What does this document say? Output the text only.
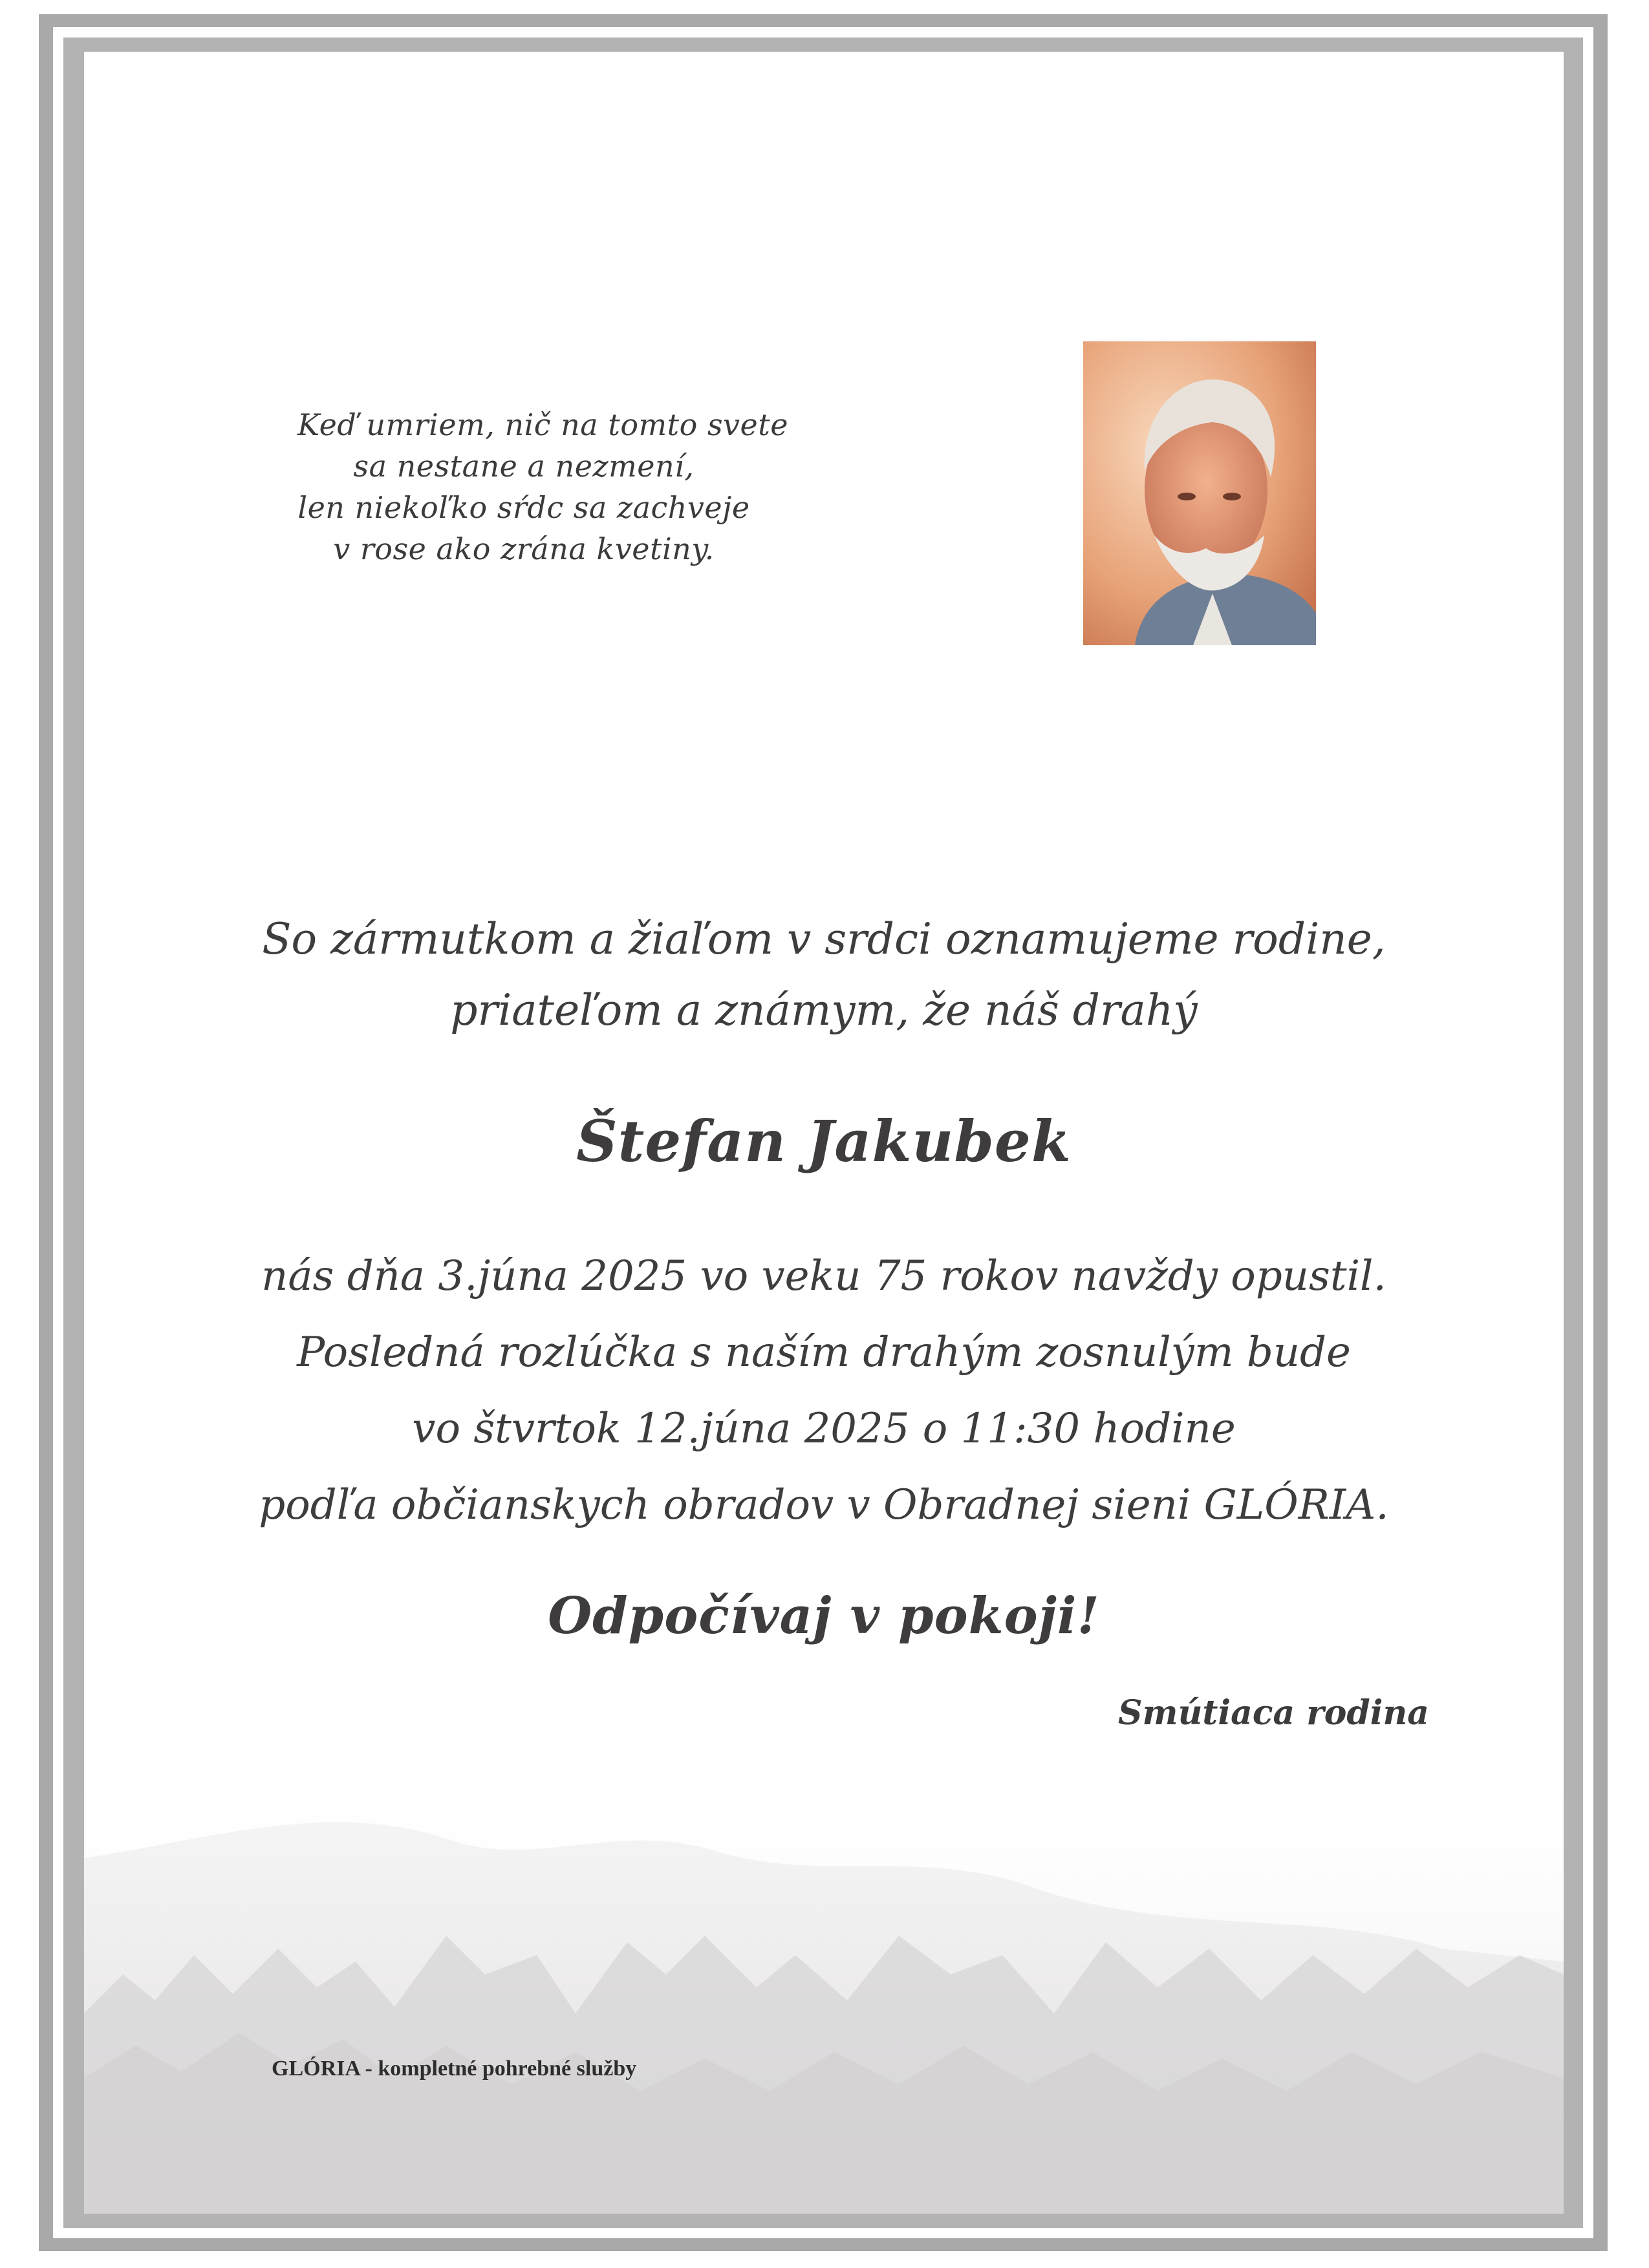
Keď umriem, nič na tomto svete
sa nestane a nezmení,
len niekoľko sŕdc sa zachveje
v rose ako zrána kvetiny.
So zármutkom a žiaľom v srdci oznamujeme rodine,
priateľom a známym, že náš drahý
Štefan Jakubek
nás dňa 3.júna 2025 vo veku 75 rokov navždy opustil.
Posledná rozlúčka s naším drahým zosnulým bude
vo štvrtok 12.júna 2025 o 11:30 hodine
podľa občianskych obradov v Obradnej sieni GLÓRIA.
Odpočívaj v pokoji!
Smútiaca rodina
GLÓRIA - kompletné pohrebné služby
